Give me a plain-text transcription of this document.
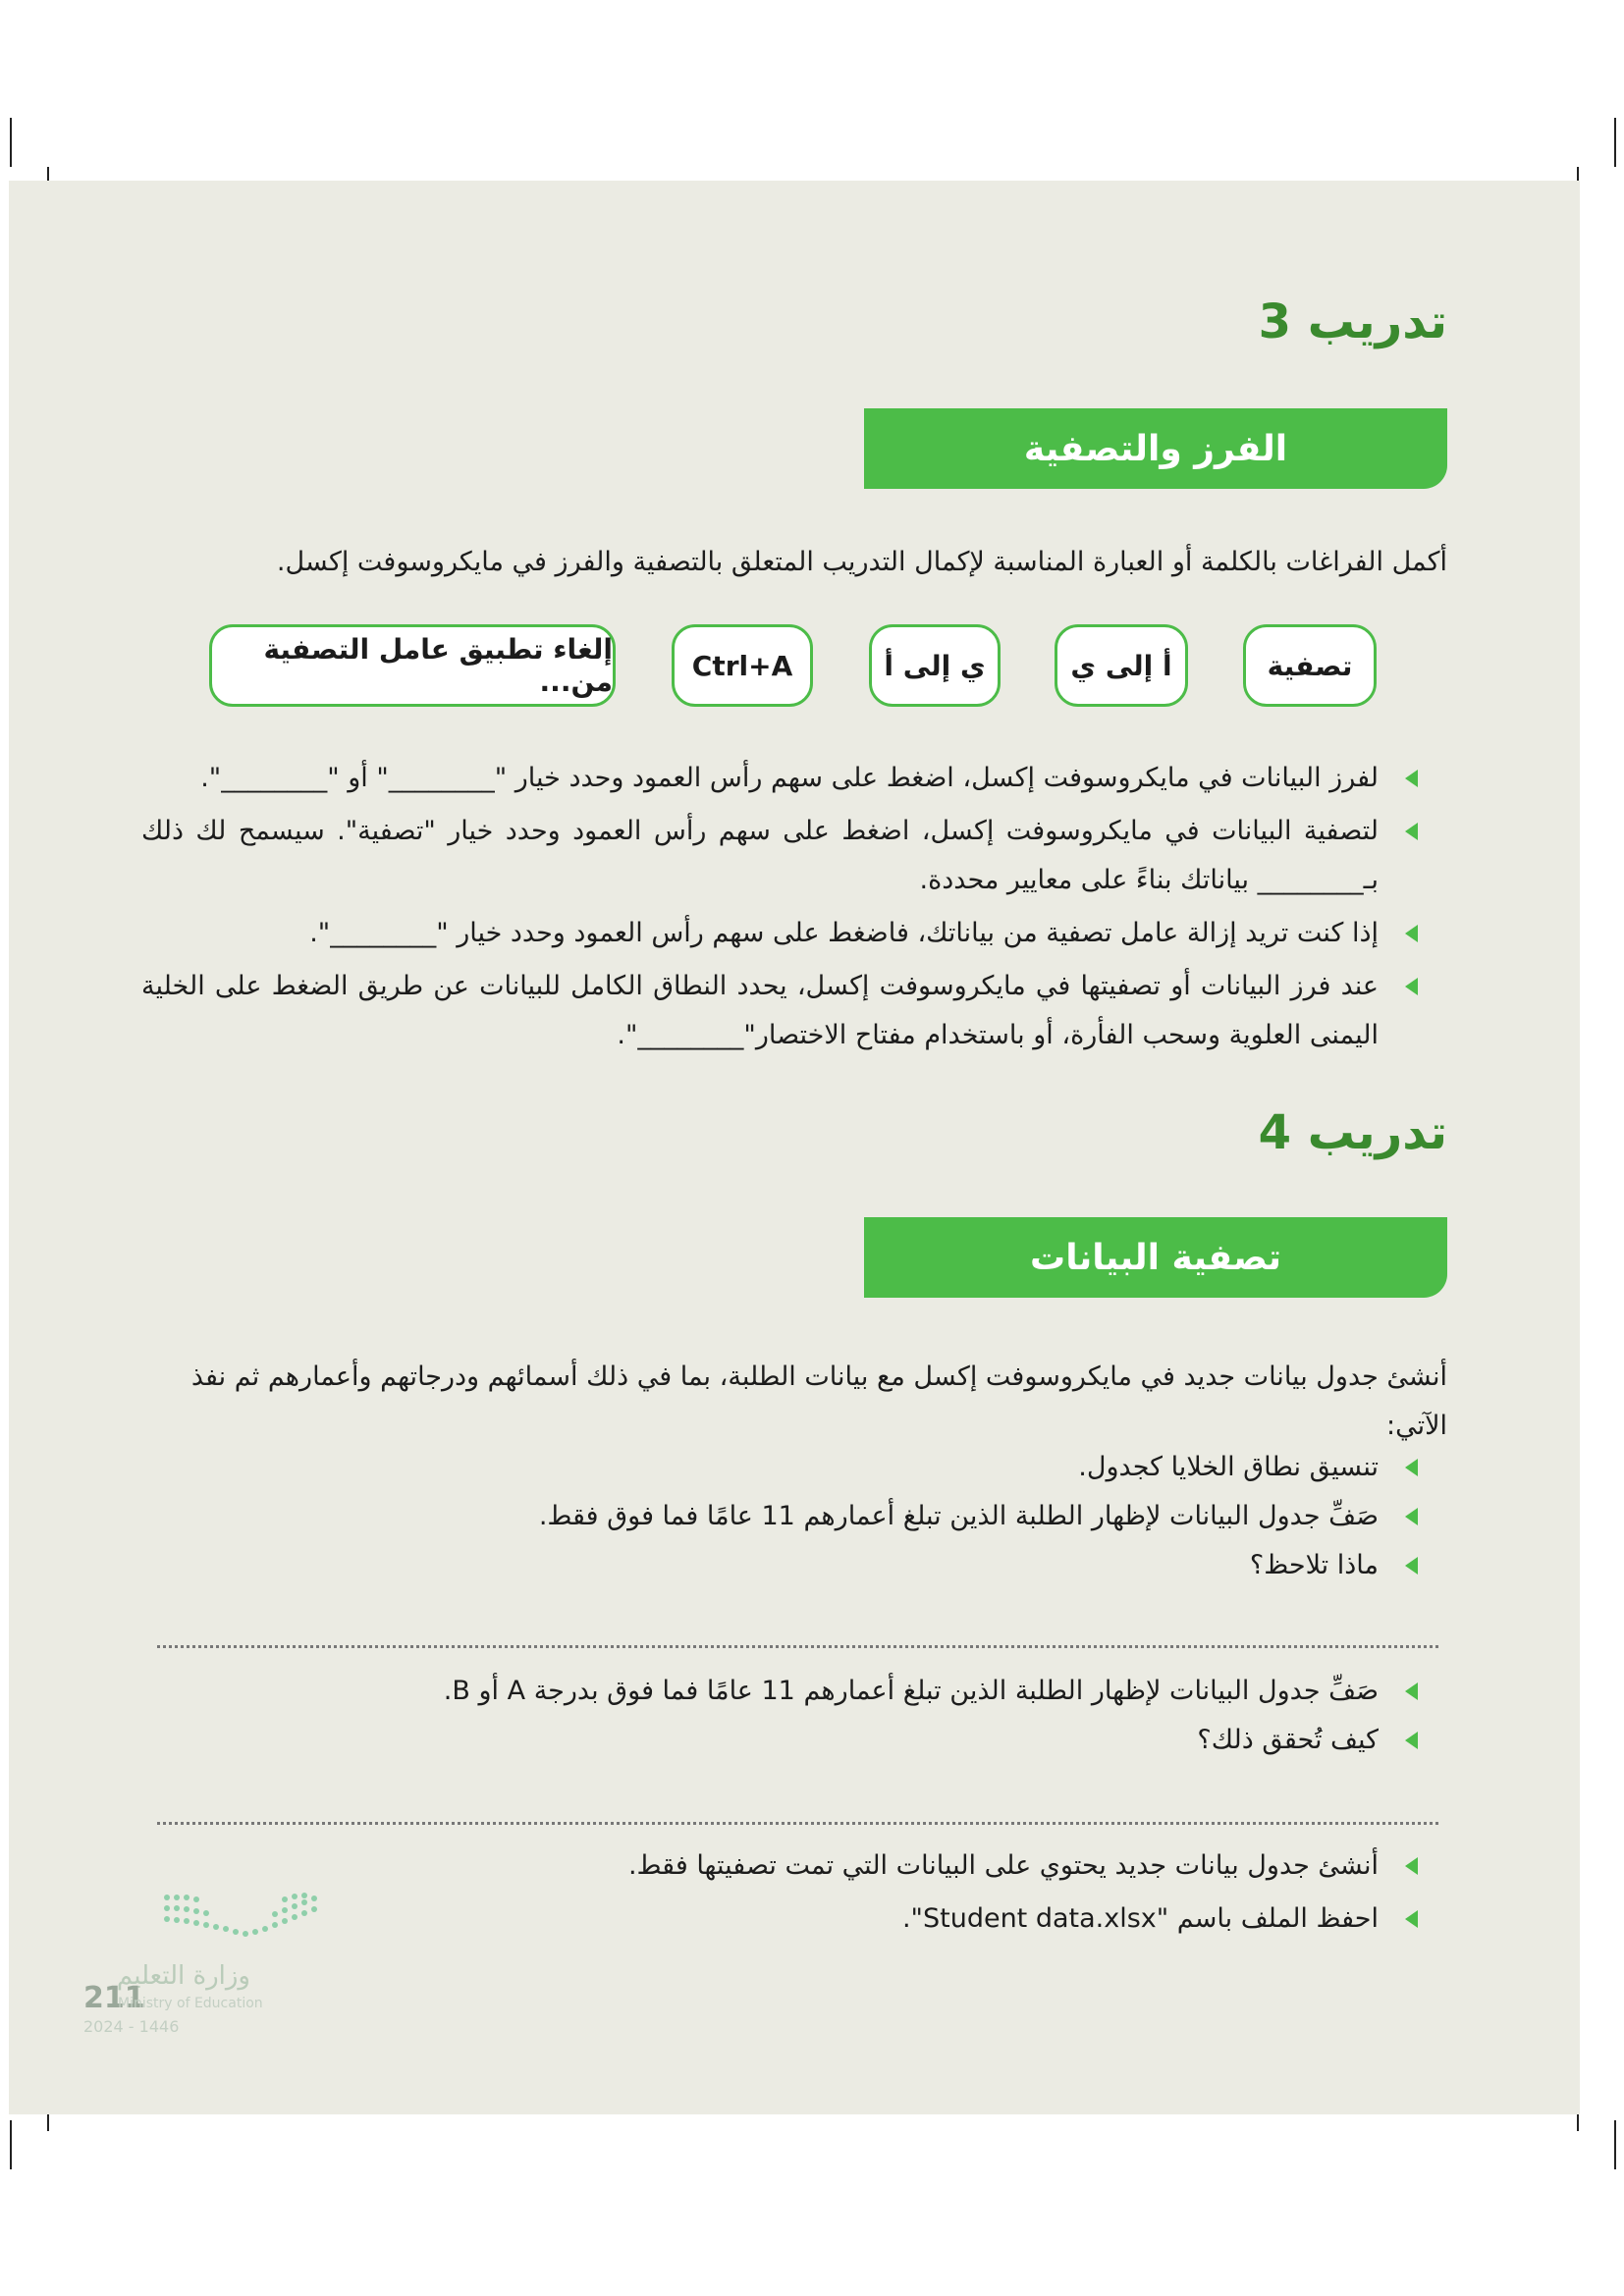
تدريب 3
الفرز والتصفية
أكمل الفراغات بالكلمة أو العبارة المناسبة لإكمال التدريب المتعلق بالتصفية والفرز في مايكروسوفت إكسل.
تصفية
أ إلى ي
ي إلى أ
Ctrl+A
إلغاء تطبيق عامل التصفية من...
لفرز البيانات في مايكروسوفت إكسل، اضغط على سهم رأس العمود وحدد خيار "________" أو "________".
لتصفية البيانات في مايكروسوفت إكسل، اضغط على سهم رأس العمود وحدد خيار "تصفية". سيسمح لك ذلك بـ________ بياناتك بناءً على معايير محددة.
إذا كنت تريد إزالة عامل تصفية من بياناتك، فاضغط على سهم رأس العمود وحدد خيار "________".
عند فرز البيانات أو تصفيتها في مايكروسوفت إكسل، يحدد النطاق الكامل للبيانات عن طريق الضغط على الخلية اليمنى العلوية وسحب الفأرة، أو باستخدام مفتاح الاختصار"________".
تدريب 4
تصفية البيانات
أنشئ جدول بيانات جديد في مايكروسوفت إكسل مع بيانات الطلبة، بما في ذلك أسمائهم ودرجاتهم وأعمارهم ثم نفذ الآتي:
تنسيق نطاق الخلايا كجدول.
صَفِّ جدول البيانات لإظهار الطلبة الذين تبلغ أعمارهم 11 عامًا فما فوق فقط.
ماذا تلاحظ؟
صَفِّ جدول البيانات لإظهار الطلبة الذين تبلغ أعمارهم 11 عامًا فما فوق بدرجة A أو B.
كيف تُحقق ذلك؟
أنشئ جدول بيانات جديد يحتوي على البيانات التي تمت تصفيتها فقط.
احفظ الملف باسم "Student data.xlsx".
وزارة التعليم
211
Ministry of Education
2024 - 1446
